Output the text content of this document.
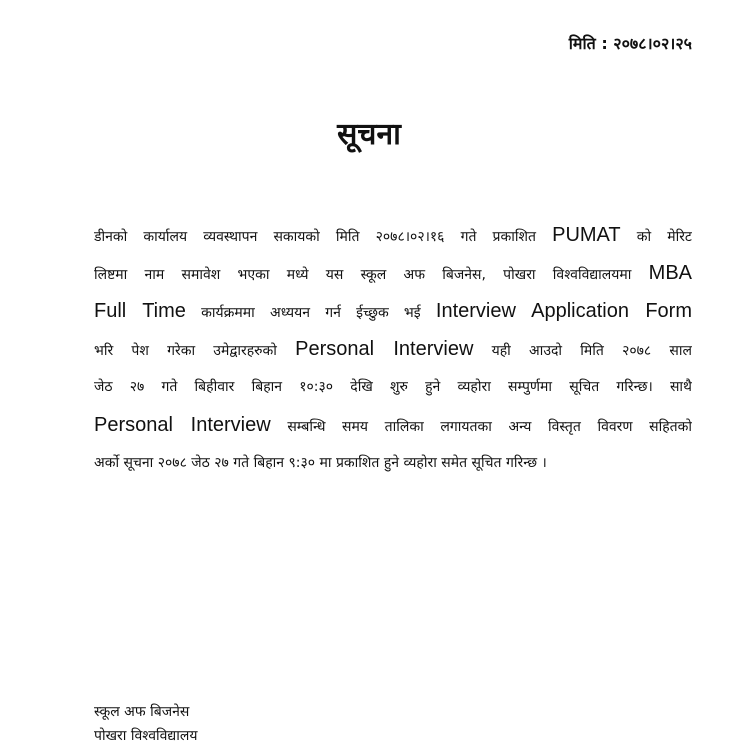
मिति : २०७८।०२।२५
सूचना
डीनको कार्यालय व्यवस्थापन सकायको मिति २०७८।०२।१६ गते प्रकाशित PUMAT को मेरिट
लिष्टमा नाम समावेश भएका मध्ये यस स्कूल अफ बिजनेस, पोखरा विश्वविद्यालयमा MBA
Full Time कार्यक्रममा अध्ययन गर्न ईच्छुक भई Interview Application Form
भरि पेश गरेका उमेद्वारहरुको Personal Interview यही आउदो मिति २०७८ साल
जेठ २७ गते बिहीवार बिहान १०:३० देखि शुरु हुने व्यहोरा सम्पुर्णमा सूचित गरिन्छ। साथै
Personal Interview सम्बन्धि समय तालिका लगायतका अन्य विस्तृत विवरण सहितको
अर्को सूचना २०७८ जेठ २७ गते बिहान ९:३० मा प्रकाशित हुने व्यहोरा समेत सूचित गरिन्छ ।
स्कूल अफ बिजनेस
पोखरा विश्वविद्यालय
